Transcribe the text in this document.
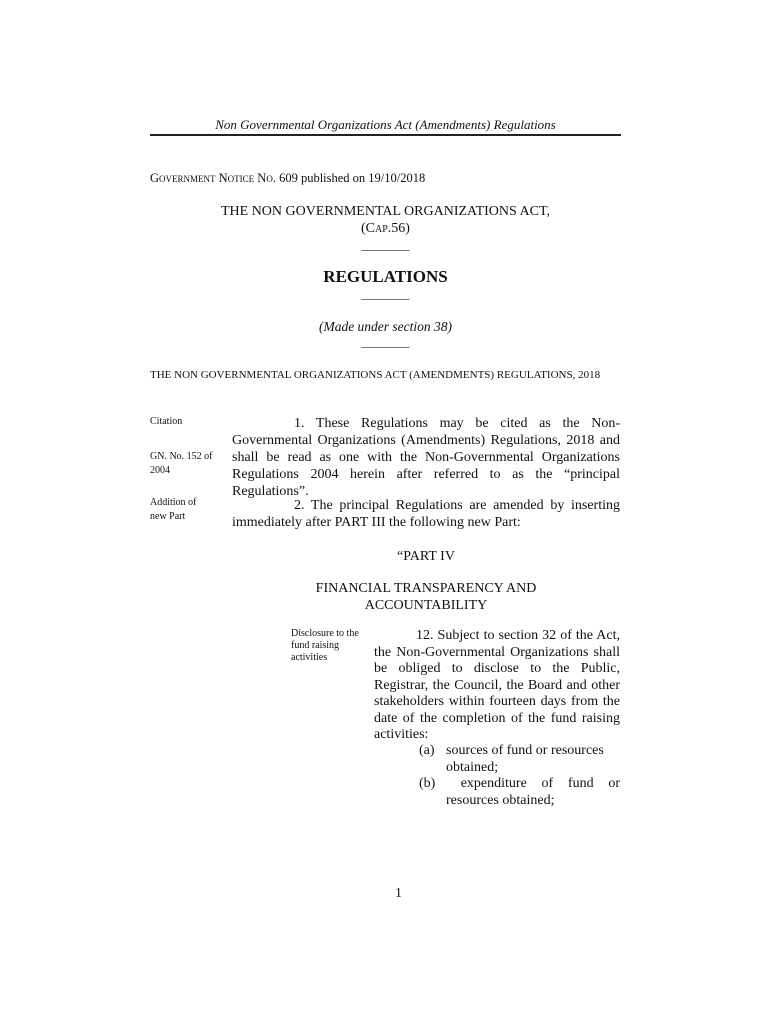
Non Governmental Organizations Act (Amendments) Regulations
Government Notice No. 609 published on 19/10/2018
THE NON GOVERNMENTAL ORGANIZATIONS ACT,
(Cap.56)
________
REGULATIONS
________
(Made under section 38)
________
THE NON GOVERNMENTAL ORGANIZATIONS ACT (AMENDMENTS) REGULATIONS, 2018
Citation
GN. No. 152 of 2004
1. These Regulations may be cited as the Non-Governmental Organizations (Amendments) Regulations, 2018 and shall be read as one with the Non-Governmental Organizations Regulations 2004 herein after referred to as the “principal Regulations”.
Addition of new Part
2. The principal Regulations are amended by inserting immediately after PART III the following new Part:
“PART IV
FINANCIAL TRANSPARENCY AND
ACCOUNTABILITY
Disclosure to the fund raising activities
12. Subject to section 32 of the Act, the Non-Governmental Organizations shall be obliged to disclose to the Public, Registrar, the Council, the Board and other stakeholders within fourteen days from the date of the completion of the fund raising activities:
(a) sources of fund or resources
obtained;
(b)	expenditure of fund or
resources obtained;
1
